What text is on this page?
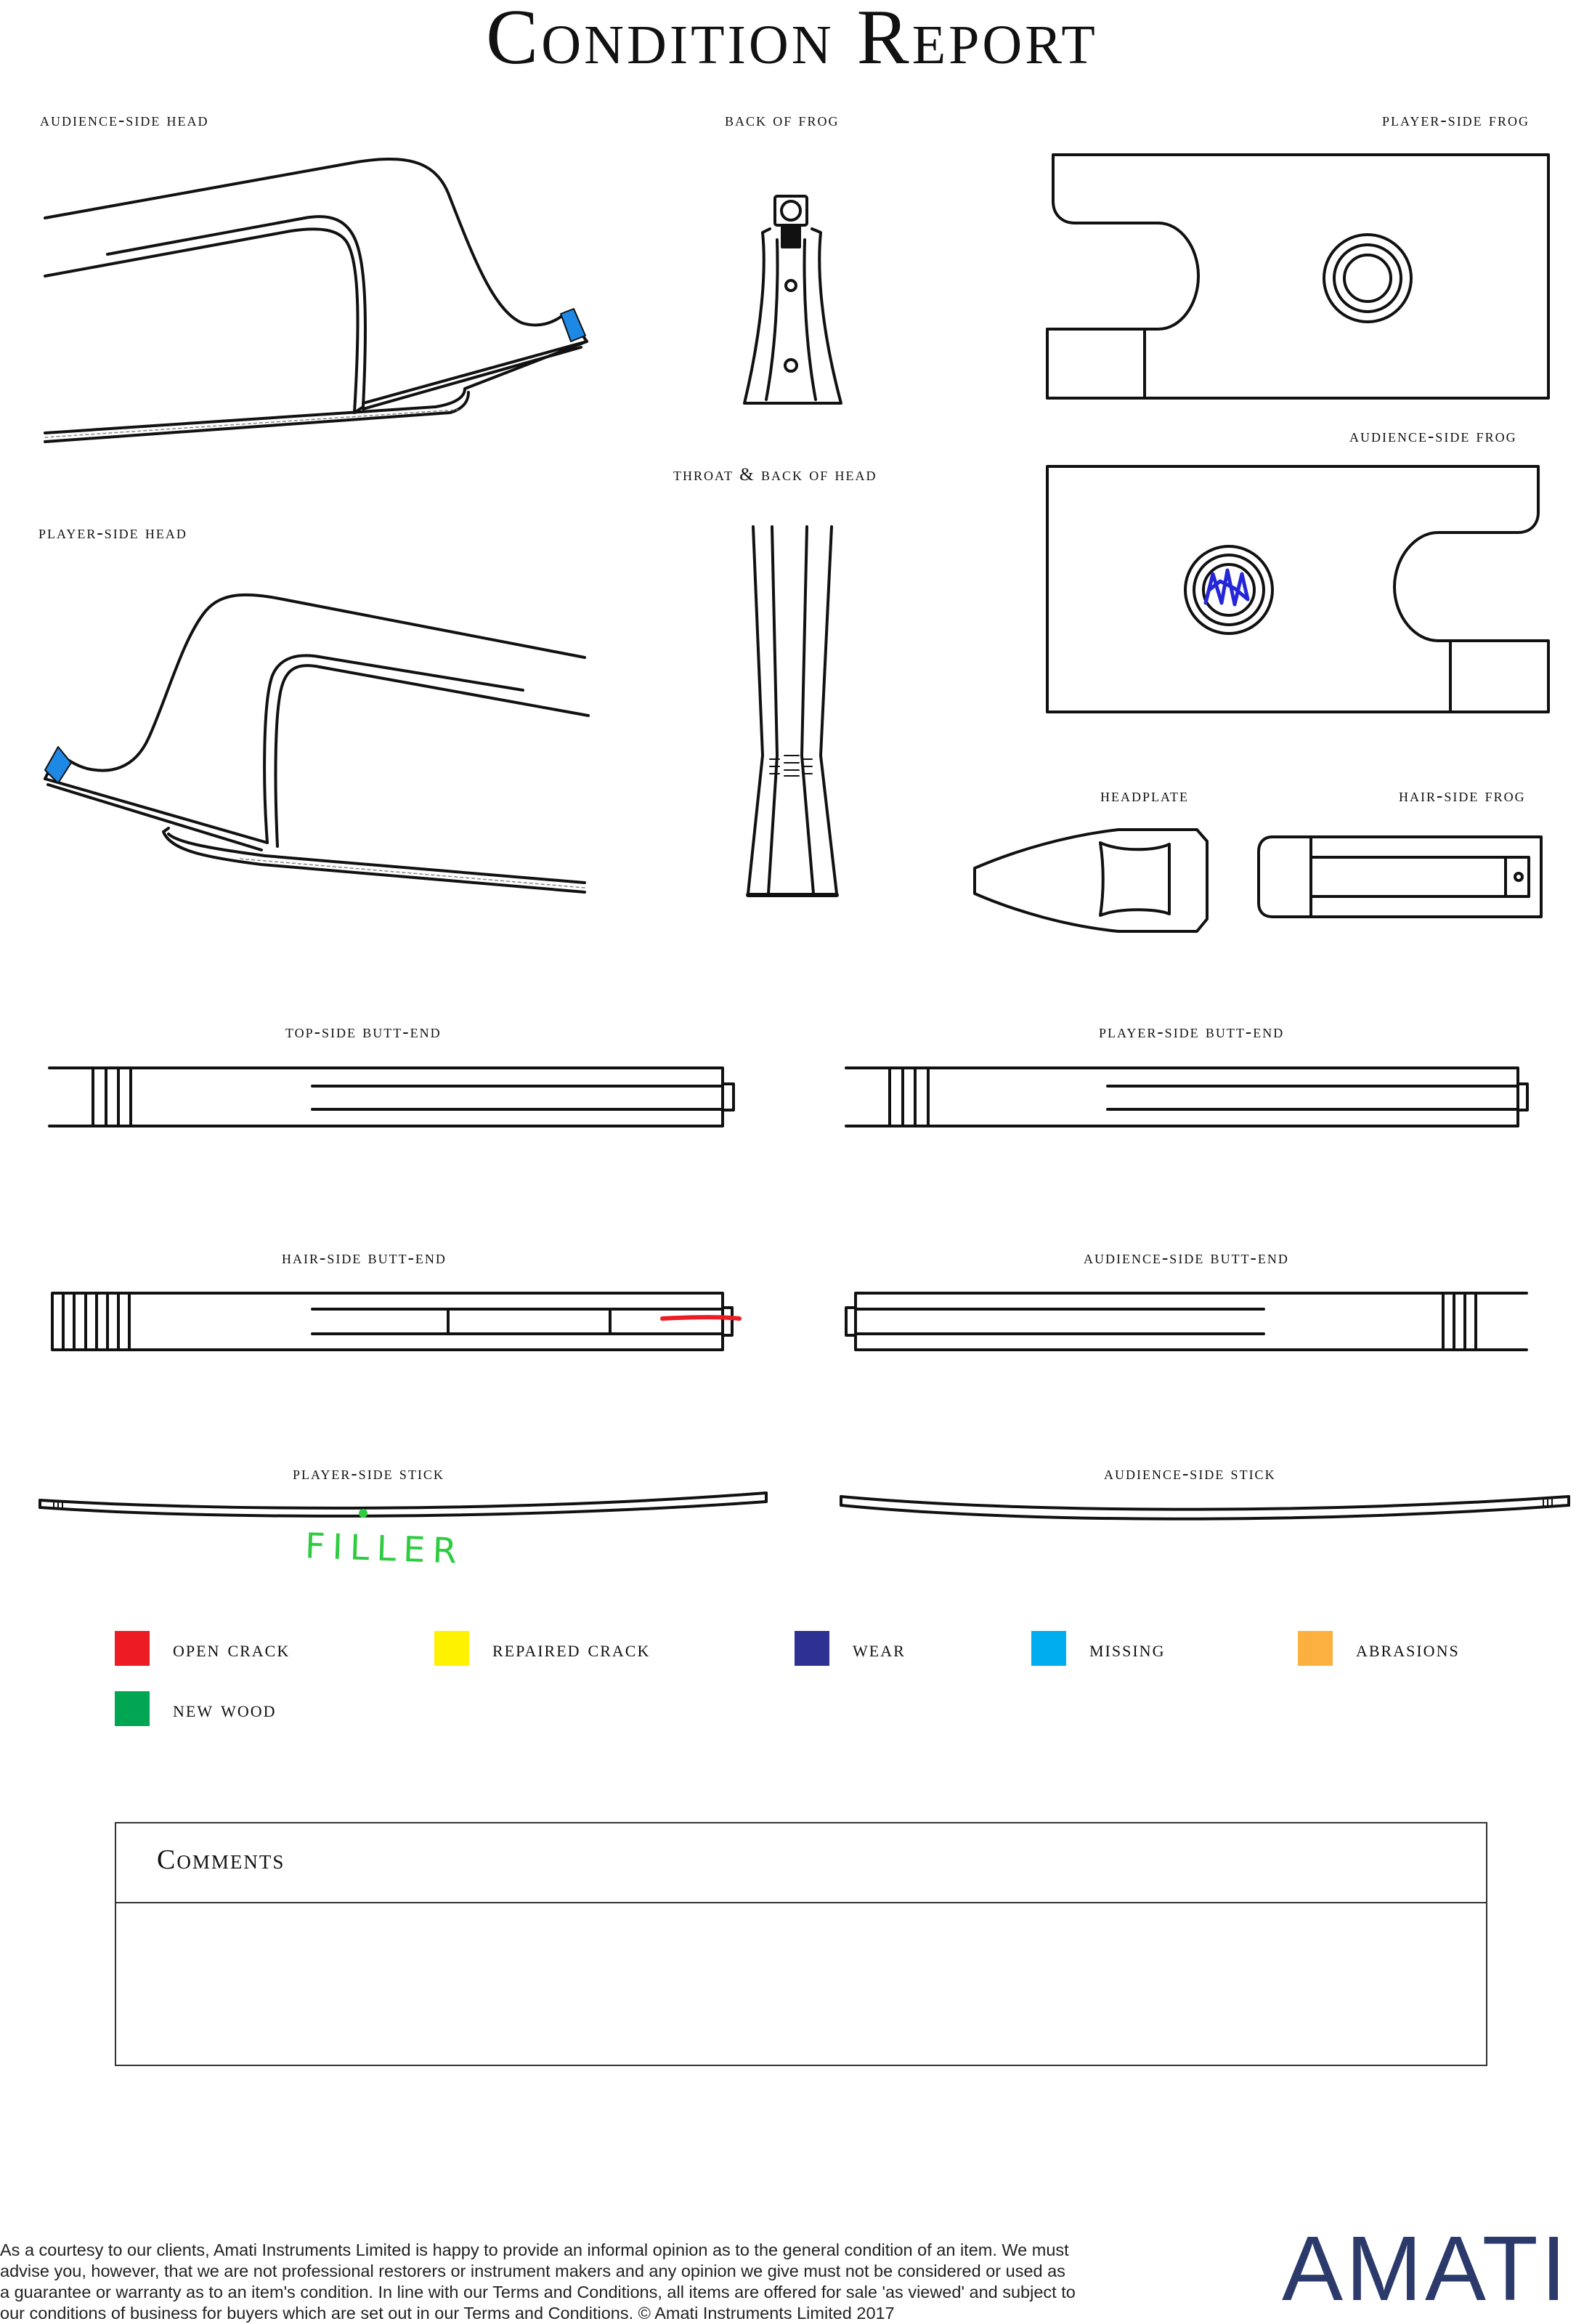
Condition Report
audience-side head	back of frog	player-side frog
throat & back of head
audience-side frog
player-side head
headplate	hair-side frog
top-side butt-end	player-side butt-end
hair-side butt-end	audience-side butt-end
player-side stick	audience-side stick
FILLER
open crack	repaired crack	wear	missing	abrasions
new wood
Comments
As a courtesy to our clients, Amati Instruments Limited is happy to provide an informal opinion as to the general condition of an item. We must
advise you, however, that we are not professional restorers or instrument makers and any opinion we give must not be considered or used as
a guarantee or warranty as to an item's condition. In line with our Terms and Conditions, all items are offered for sale 'as viewed' and subject to
our conditions of business for buyers which are set out in our Terms and Conditions. © Amati Instruments Limited 2017	AMATI
